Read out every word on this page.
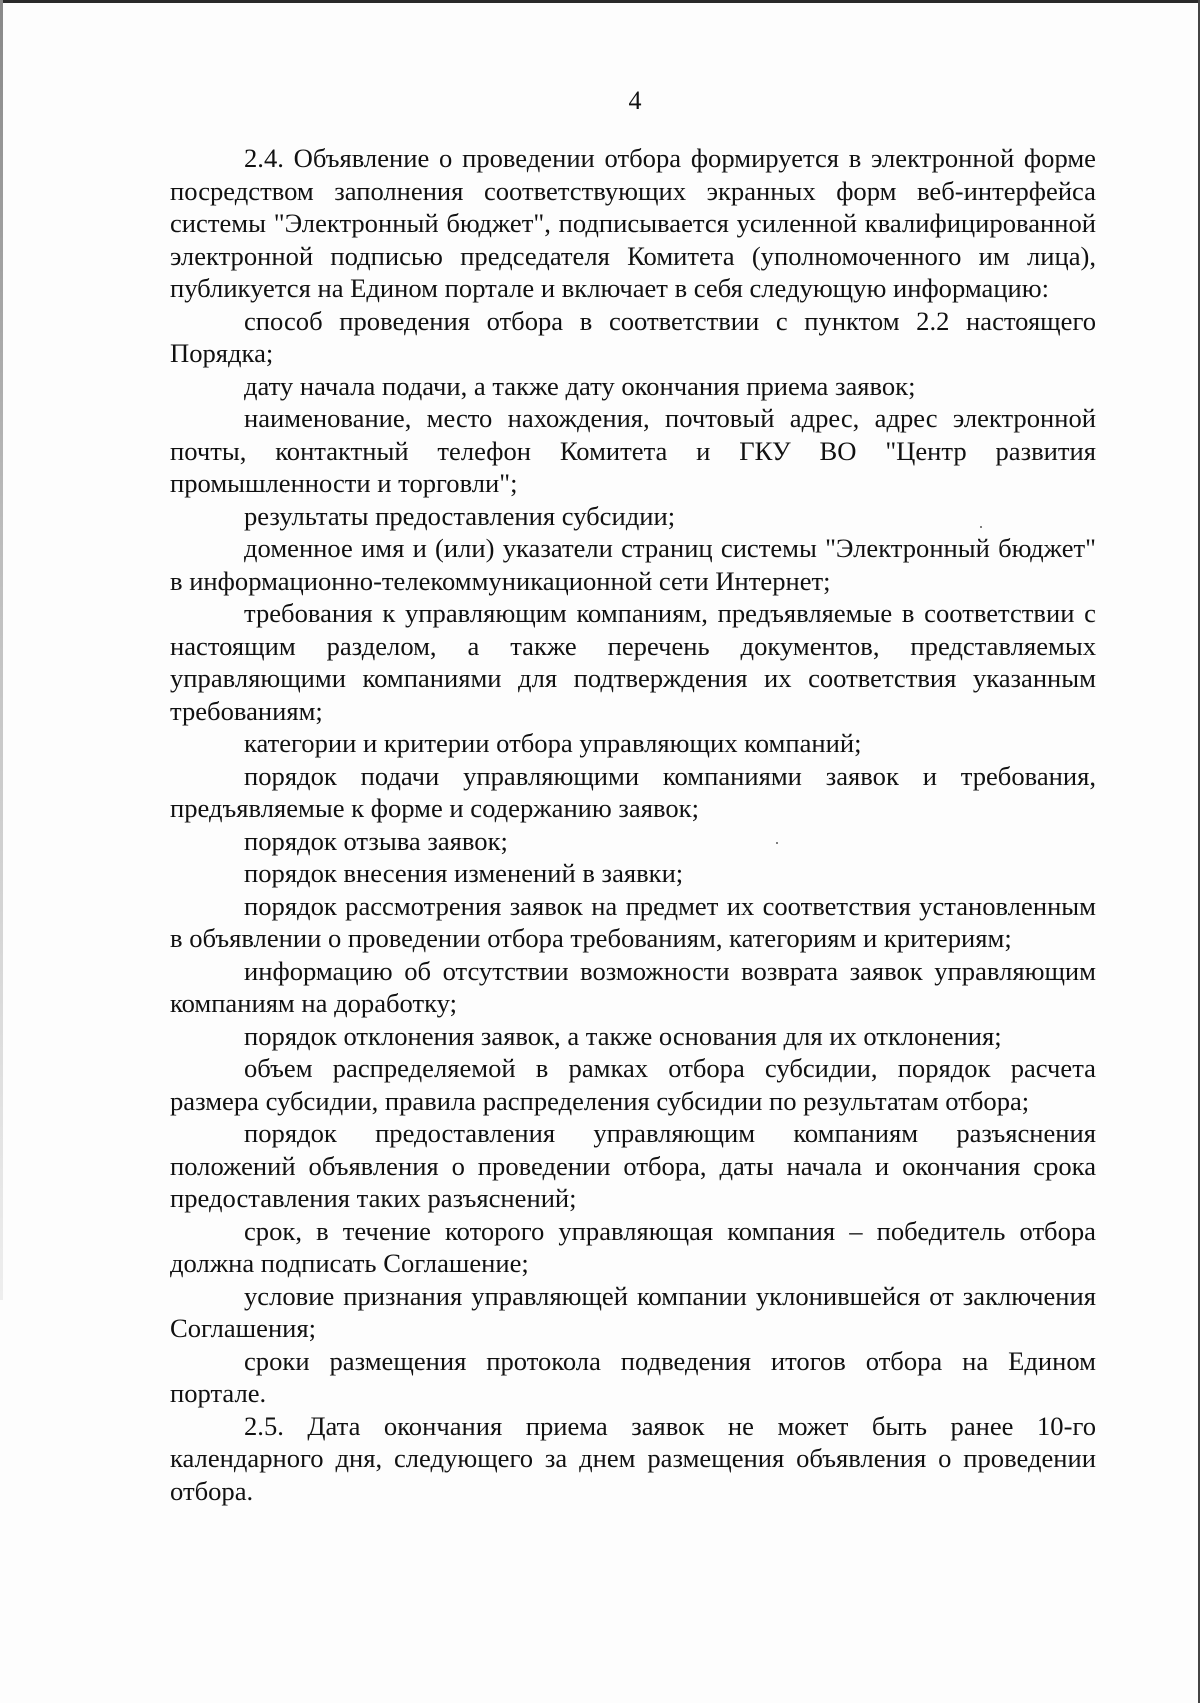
4

2.4. Объявление о проведении отбора формируется в электронной форме посредством заполнения соответствующих экранных форм веб-интерфейса системы "Электронный бюджет", подписывается усиленной квалифицированной электронной подписью председателя Комитета (уполномоченного им лица), публикуется на Едином портале и включает в себя следующую информацию:

способ проведения отбора в соответствии с пунктом 2.2 настоящего Порядка;

дату начала подачи, а также дату окончания приема заявок;

наименование, место нахождения, почтовый адрес, адрес электронной почты, контактный телефон Комитета и ГКУ ВО "Центр развития промышленности и торговли";

результаты предоставления субсидии;

доменное имя и (или) указатели страниц системы "Электронный бюджет" в информационно-телекоммуникационной сети Интернет;

требования к управляющим компаниям, предъявляемые в соответствии с настоящим разделом, а также перечень документов, представляемых управляющими компаниями для подтверждения их соответствия указанным требованиям;

категории и критерии отбора управляющих компаний;

порядок подачи управляющими компаниями заявок и требования, предъявляемые к форме и содержанию заявок;

порядок отзыва заявок;

порядок внесения изменений в заявки;

порядок рассмотрения заявок на предмет их соответствия установленным в объявлении о проведении отбора требованиям, категориям и критериям;

информацию об отсутствии возможности возврата заявок управляющим компаниям на доработку;

порядок отклонения заявок, а также основания для их отклонения;

объем распределяемой в рамках отбора субсидии, порядок расчета размера субсидии, правила распределения субсидии по результатам отбора;

порядок предоставления управляющим компаниям разъяснения положений объявления о проведении отбора, даты начала и окончания срока предоставления таких разъяснений;

срок, в течение которого управляющая компания – победитель отбора должна подписать Соглашение;

условие признания управляющей компании уклонившейся от заключения Соглашения;

сроки размещения протокола подведения итогов отбора на Едином портале.

2.5. Дата окончания приема заявок не может быть ранее 10-го календарного дня, следующего за днем размещения объявления о проведении отбора.
